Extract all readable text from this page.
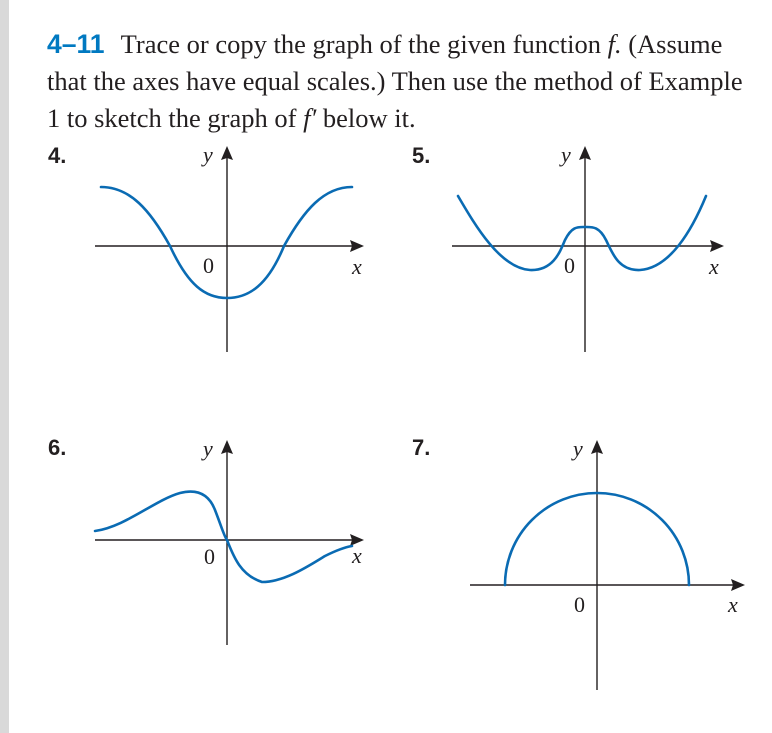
4–11 Trace or copy the graph of the given function f. (Assume that the axes have equal scales.) Then use the method of Example 1 to sketch the graph of f′ below it.
4.	y
x
0
5.	y
x
0
6.	y
x
0
7.	y
x
0
